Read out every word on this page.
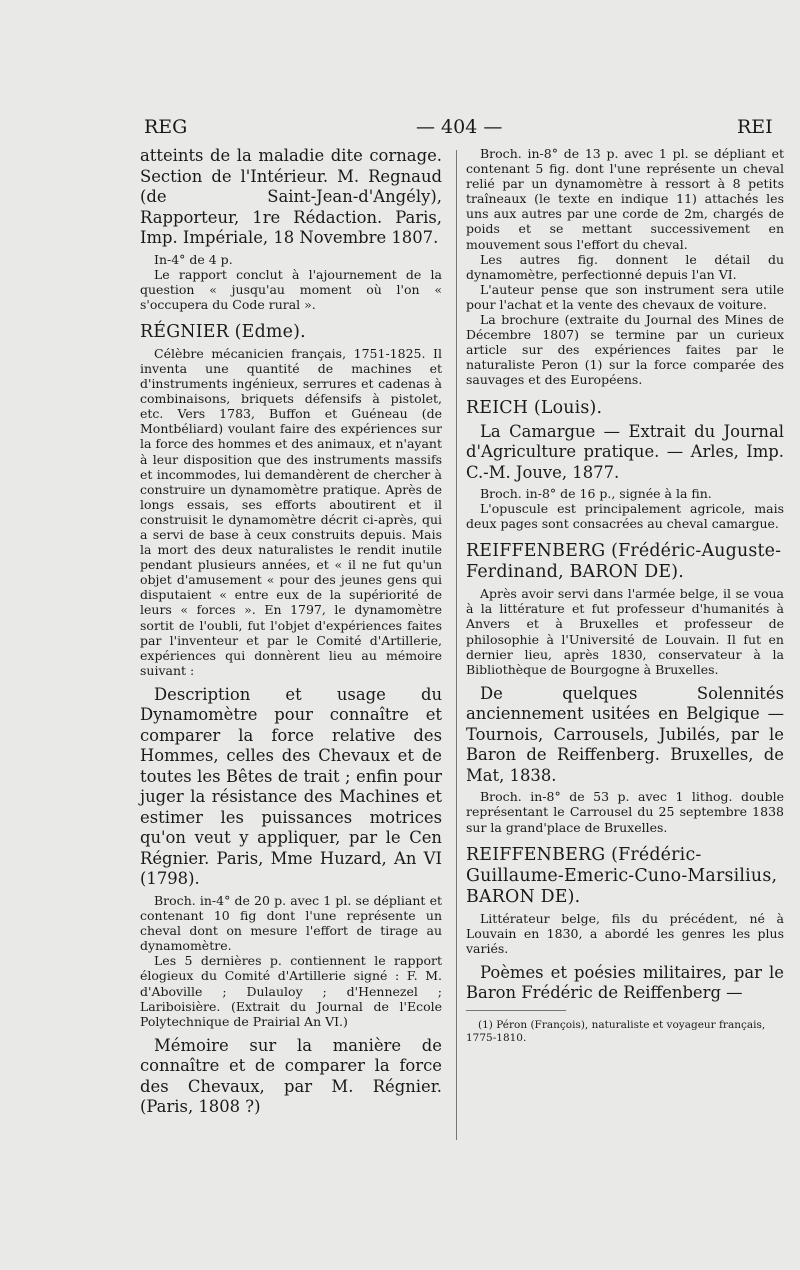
REG	— 404 —	REI

atteints de la maladie dite cornage. Section de l'Intérieur. M. Regnaud (de Saint-Jean-d'Angély), Rapporteur, 1re Rédaction. Paris, Imp. Impériale, 18 Novembre 1807.

In-4° de 4 p.

Le rapport conclut à l'ajournement de la question « jusqu'au moment où l'on « s'occupera du Code rural ».

RÉGNIER (Edme).

Célèbre mécanicien français, 1751-1825. Il inventa une quantité de machines et d'instruments ingénieux, serrures et cadenas à combinaisons, briquets défensifs à pistolet, etc. Vers 1783, Buffon et Guéneau (de Montbéliard) voulant faire des expériences sur la force des hommes et des animaux, et n'ayant à leur disposition que des instruments massifs et incommodes, lui demandèrent de chercher à construire un dynamomètre pratique. Après de longs essais, ses efforts aboutirent et il construisit le dynamomètre décrit ci-après, qui a servi de base à ceux construits depuis. Mais la mort des deux naturalistes le rendit inutile pendant plusieurs années, et « il ne fut qu'un objet d'amusement « pour des jeunes gens qui disputaient « entre eux de la supériorité de leurs « forces ». En 1797, le dynamomètre sortit de l'oubli, fut l'objet d'expériences faites par l'inventeur et par le Comité d'Artillerie, expériences qui donnèrent lieu au mémoire suivant :

Description et usage du Dynamomètre pour connaître et comparer la force relative des Hommes, celles des Chevaux et de toutes les Bêtes de trait ; enfin pour juger la résistance des Machines et estimer les puissances motrices qu'on veut y appliquer, par le Cen Régnier. Paris, Mme Huzard, An VI (1798).

Broch. in-4° de 20 p. avec 1 pl. se dépliant et contenant 10 fig dont l'une représente un cheval dont on mesure l'effort de tirage au dynamomètre.

Les 5 dernières p. contiennent le rapport élogieux du Comité d'Artillerie signé : F. M. d'Aboville ; Dulauloy ; d'Hennezel ; Lariboisière. (Extrait du Journal de l'Ecole Polytechnique de Prairial An VI.)

Mémoire sur la manière de connaître et de comparer la force des Chevaux, par M. Régnier. (Paris, 1808 ?)

Broch. in-8° de 13 p. avec 1 pl. se dépliant et contenant 5 fig. dont l'une représente un cheval relié par un dynamomètre à ressort à 8 petits traîneaux (le texte en indique 11) attachés les uns aux autres par une corde de 2m, chargés de poids et se mettant successivement en mouvement sous l'effort du cheval.

Les autres fig. donnent le détail du dynamomètre, perfectionné depuis l'an VI.

L'auteur pense que son instrument sera utile pour l'achat et la vente des chevaux de voiture.

La brochure (extraite du Journal des Mines de Décembre 1807) se termine par un curieux article sur des expériences faites par le naturaliste Peron (1) sur la force comparée des sauvages et des Européens.

REICH (Louis).

La Camargue — Extrait du Journal d'Agriculture pratique. — Arles, Imp. C.-M. Jouve, 1877.

Broch. in-8° de 16 p., signée à la fin.

L'opuscule est principalement agricole, mais deux pages sont consacrées au cheval camargue.

REIFFENBERG (Frédéric-Auguste-Ferdinand, BARON DE).

Après avoir servi dans l'armée belge, il se voua à la littérature et fut professeur d'humanités à Anvers et à Bruxelles et professeur de philosophie à l'Université de Louvain. Il fut en dernier lieu, après 1830, conservateur à la Bibliothèque de Bourgogne à Bruxelles.

De quelques Solennités anciennement usitées en Belgique — Tournois, Carrousels, Jubilés, par le Baron de Reiffenberg. Bruxelles, de Mat, 1838.

Broch. in-8° de 53 p. avec 1 lithog. double représentant le Carrousel du 25 septembre 1838 sur la grand'place de Bruxelles.

REIFFENBERG (Frédéric-Guillaume-Emeric-Cuno-Marsilius, BARON DE).

Littérateur belge, fils du précédent, né à Louvain en 1830, a abordé les genres les plus variés.

Poèmes et poésies militaires, par le Baron Frédéric de Reiffenberg —

(1) Péron (François), naturaliste et voyageur français, 1775-1810.
